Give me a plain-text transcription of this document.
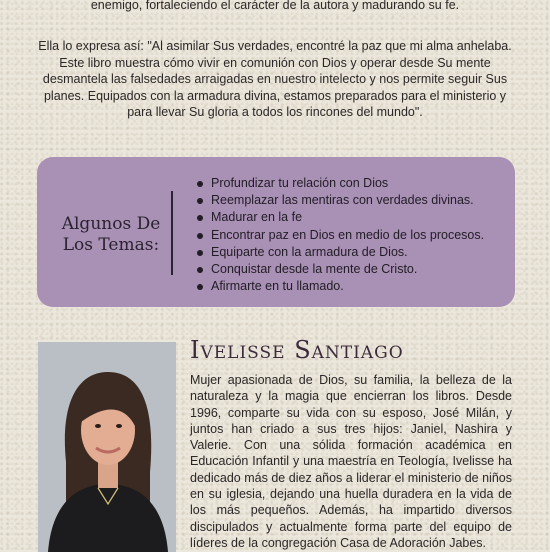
enemigo, fortaleciendo el carácter de la autora y madurando su fe.
Ella lo expresa así: "Al asimilar Sus verdades, encontré la paz que mi alma anhelaba. Este libro muestra cómo vivir en comunión con Dios y operar desde Su mente desmantela las falsedades arraigadas en nuestro intelecto y nos permite seguir Sus planes. Equipados con la armadura divina, estamos preparados para el ministerio y para llevar Su gloria a todos los rincones del mundo".
Algunos De
Los Temas:
Profundizar tu relación con Dios
Reemplazar las mentiras con verdades divinas.
Madurar en la fe
Encontrar paz en Dios en medio de los procesos.
Equiparte con la armadura de Dios.
Conquistar desde la mente de Cristo.
Afirmarte en tu llamado.
Ivelisse Santiago
Mujer apasionada de Dios, su familia, la belleza de la naturaleza y la magia que encierran los libros. Desde 1996, comparte su vida con su esposo, José Milán, y juntos han criado a sus tres hijos: Janiel, Nashira y Valerie. Con una sólida formación académica en Educación Infantil y una maestría en Teología, Ivelisse ha dedicado más de diez años a liderar el ministerio de niños en su iglesia, dejando una huella duradera en la vida de los más pequeños. Además, ha impartido diversos discipulados y actualmente forma parte del equipo de líderes de la congregación Casa de Adoración Jabes.
